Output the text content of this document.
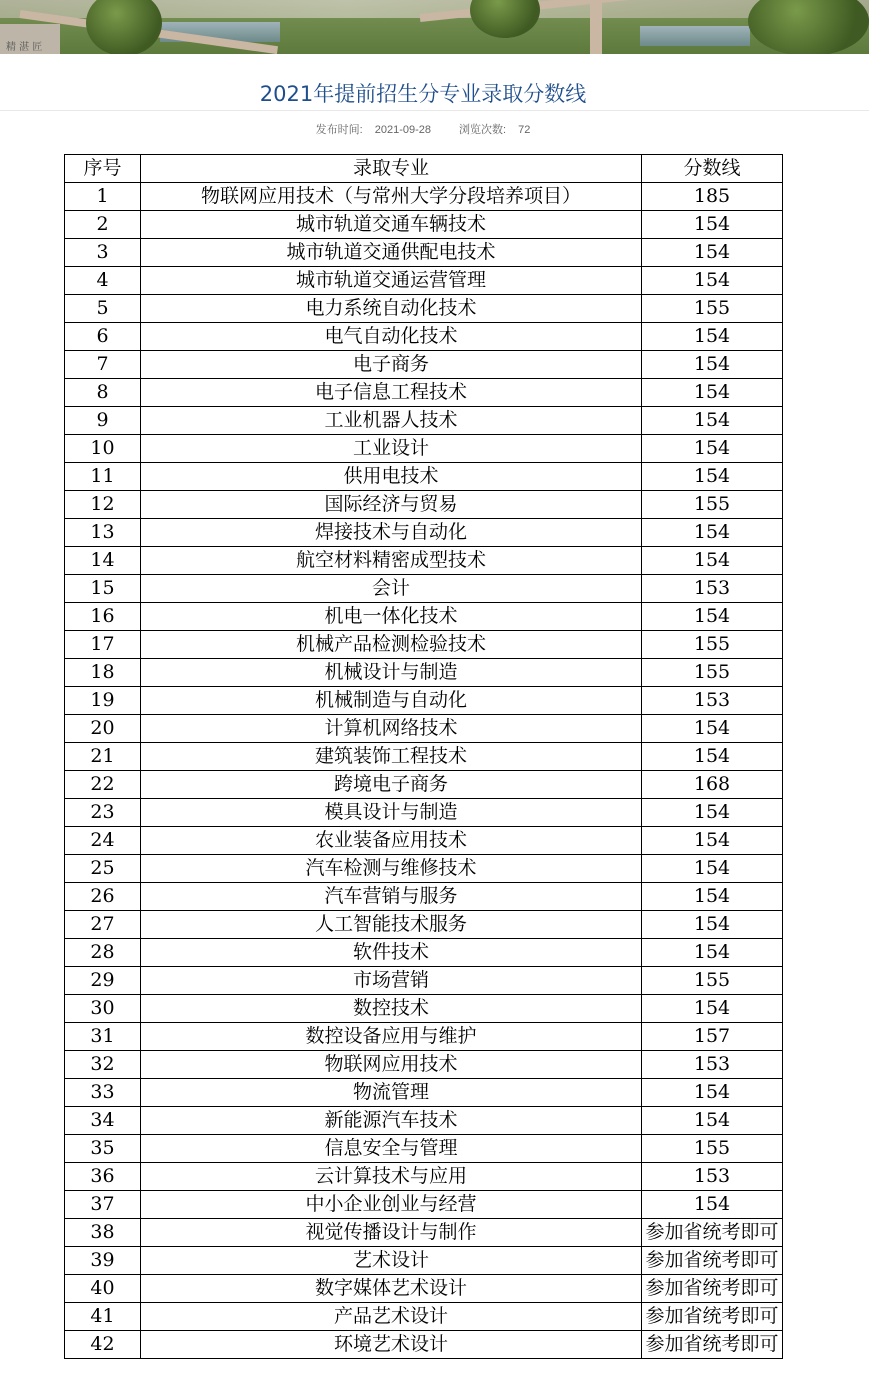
精 湛 匠
2021年提前招生分专业录取分数线
发布时间: 2021-09-28	浏览次数: 72
序号	录取专业	分数线
1	物联网应用技术（与常州大学分段培养项目）	185
2	城市轨道交通车辆技术	154
3	城市轨道交通供配电技术	154
4	城市轨道交通运营管理	154
5	电力系统自动化技术	155
6	电气自动化技术	154
7	电子商务	154
8	电子信息工程技术	154
9	工业机器人技术	154
10	工业设计	154
11	供用电技术	154
12	国际经济与贸易	155
13	焊接技术与自动化	154
14	航空材料精密成型技术	154
15	会计	153
16	机电一体化技术	154
17	机械产品检测检验技术	155
18	机械设计与制造	155
19	机械制造与自动化	153
20	计算机网络技术	154
21	建筑装饰工程技术	154
22	跨境电子商务	168
23	模具设计与制造	154
24	农业装备应用技术	154
25	汽车检测与维修技术	154
26	汽车营销与服务	154
27	人工智能技术服务	154
28	软件技术	154
29	市场营销	155
30	数控技术	154
31	数控设备应用与维护	157
32	物联网应用技术	153
33	物流管理	154
34	新能源汽车技术	154
35	信息安全与管理	155
36	云计算技术与应用	153
37	中小企业创业与经营	154
38	视觉传播设计与制作	参加省统考即可
39	艺术设计	参加省统考即可
40	数字媒体艺术设计	参加省统考即可
41	产品艺术设计	参加省统考即可
42	环境艺术设计	参加省统考即可
